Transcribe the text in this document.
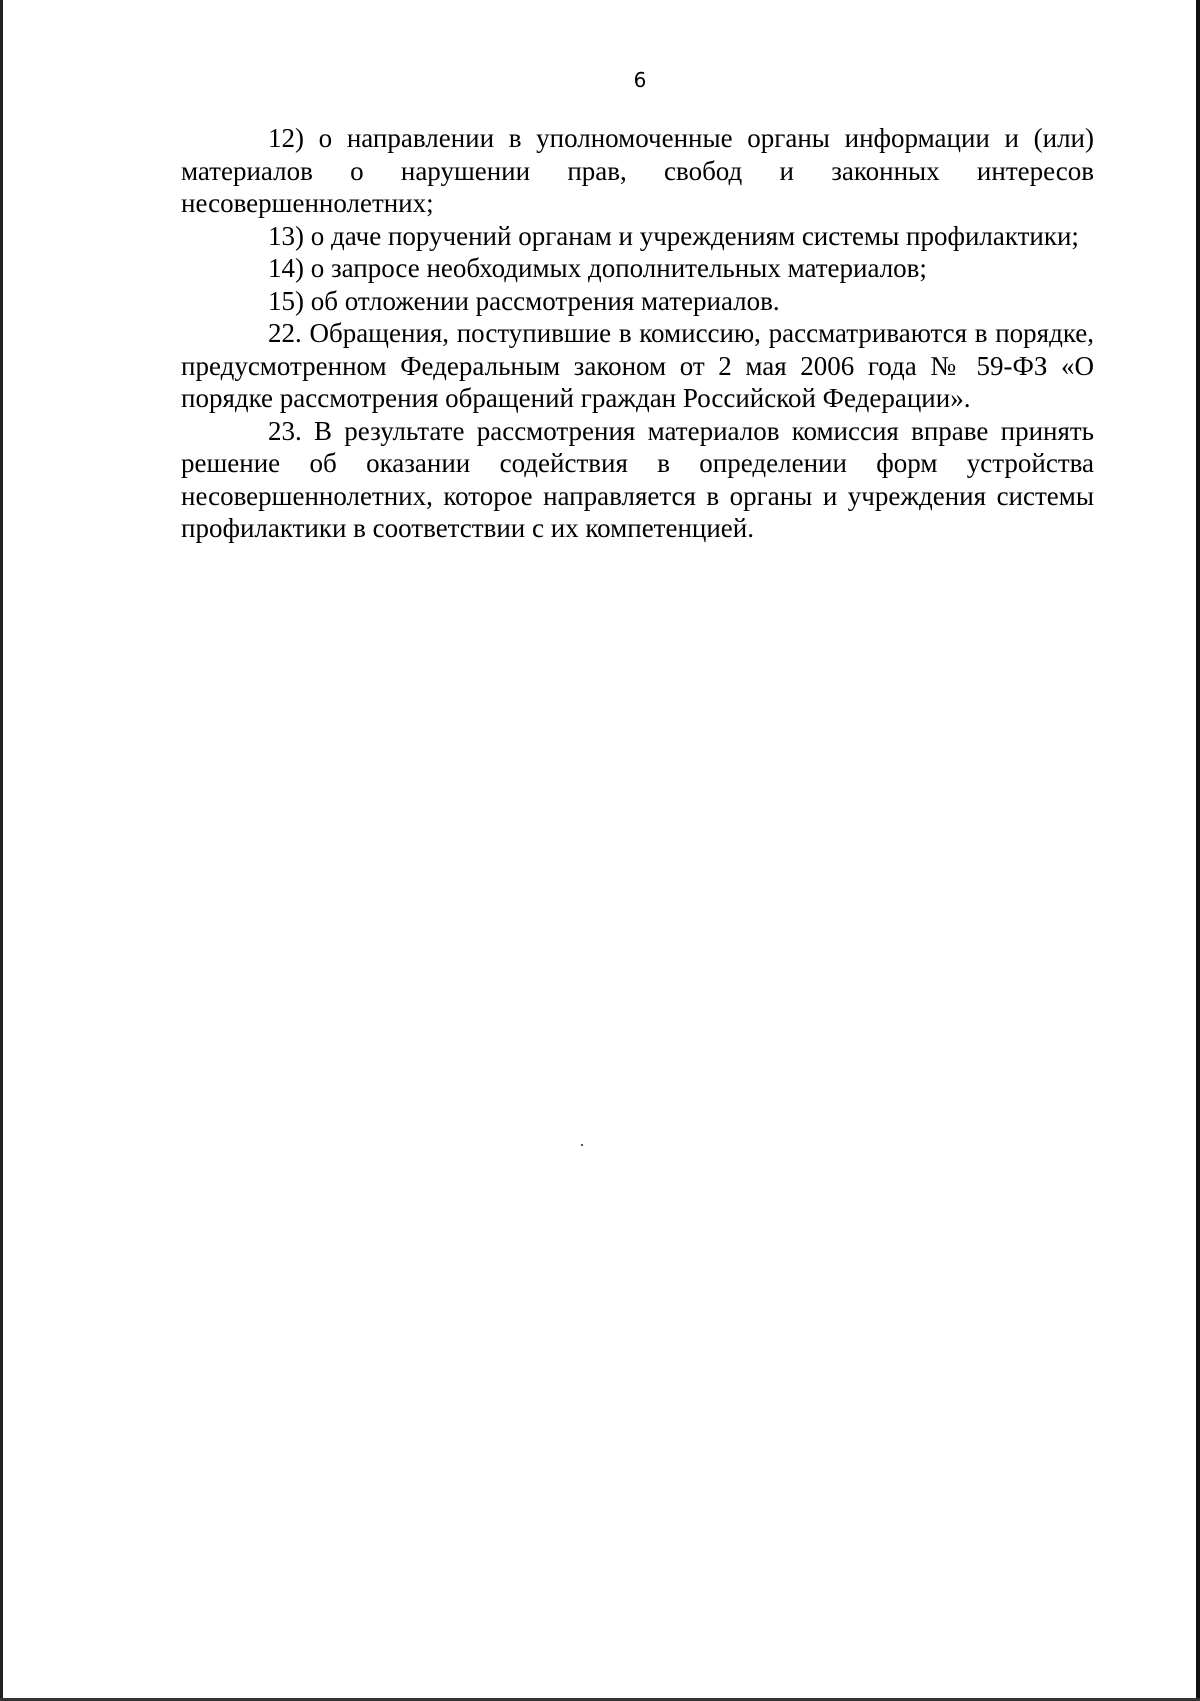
6

12) о направлении в уполномоченные органы информации и (или) материалов о нарушении прав, свобод и законных интересов несовершеннолетних;

13) о даче поручений органам и учреждениям системы профилактики;

14) о запросе необходимых дополнительных материалов;

15) об отложении рассмотрения материалов.

22. Обращения, поступившие в комиссию, рассматриваются в порядке, предусмотренном Федеральным законом от 2 мая 2006 года № 59-ФЗ «О порядке рассмотрения обращений граждан Российской Федерации».

23. В результате рассмотрения материалов комиссия вправе принять решение об оказании содействия в определении форм устройства несовершеннолетних, которое направляется в органы и учреждения системы профилактики в соответствии с их компетенцией.
